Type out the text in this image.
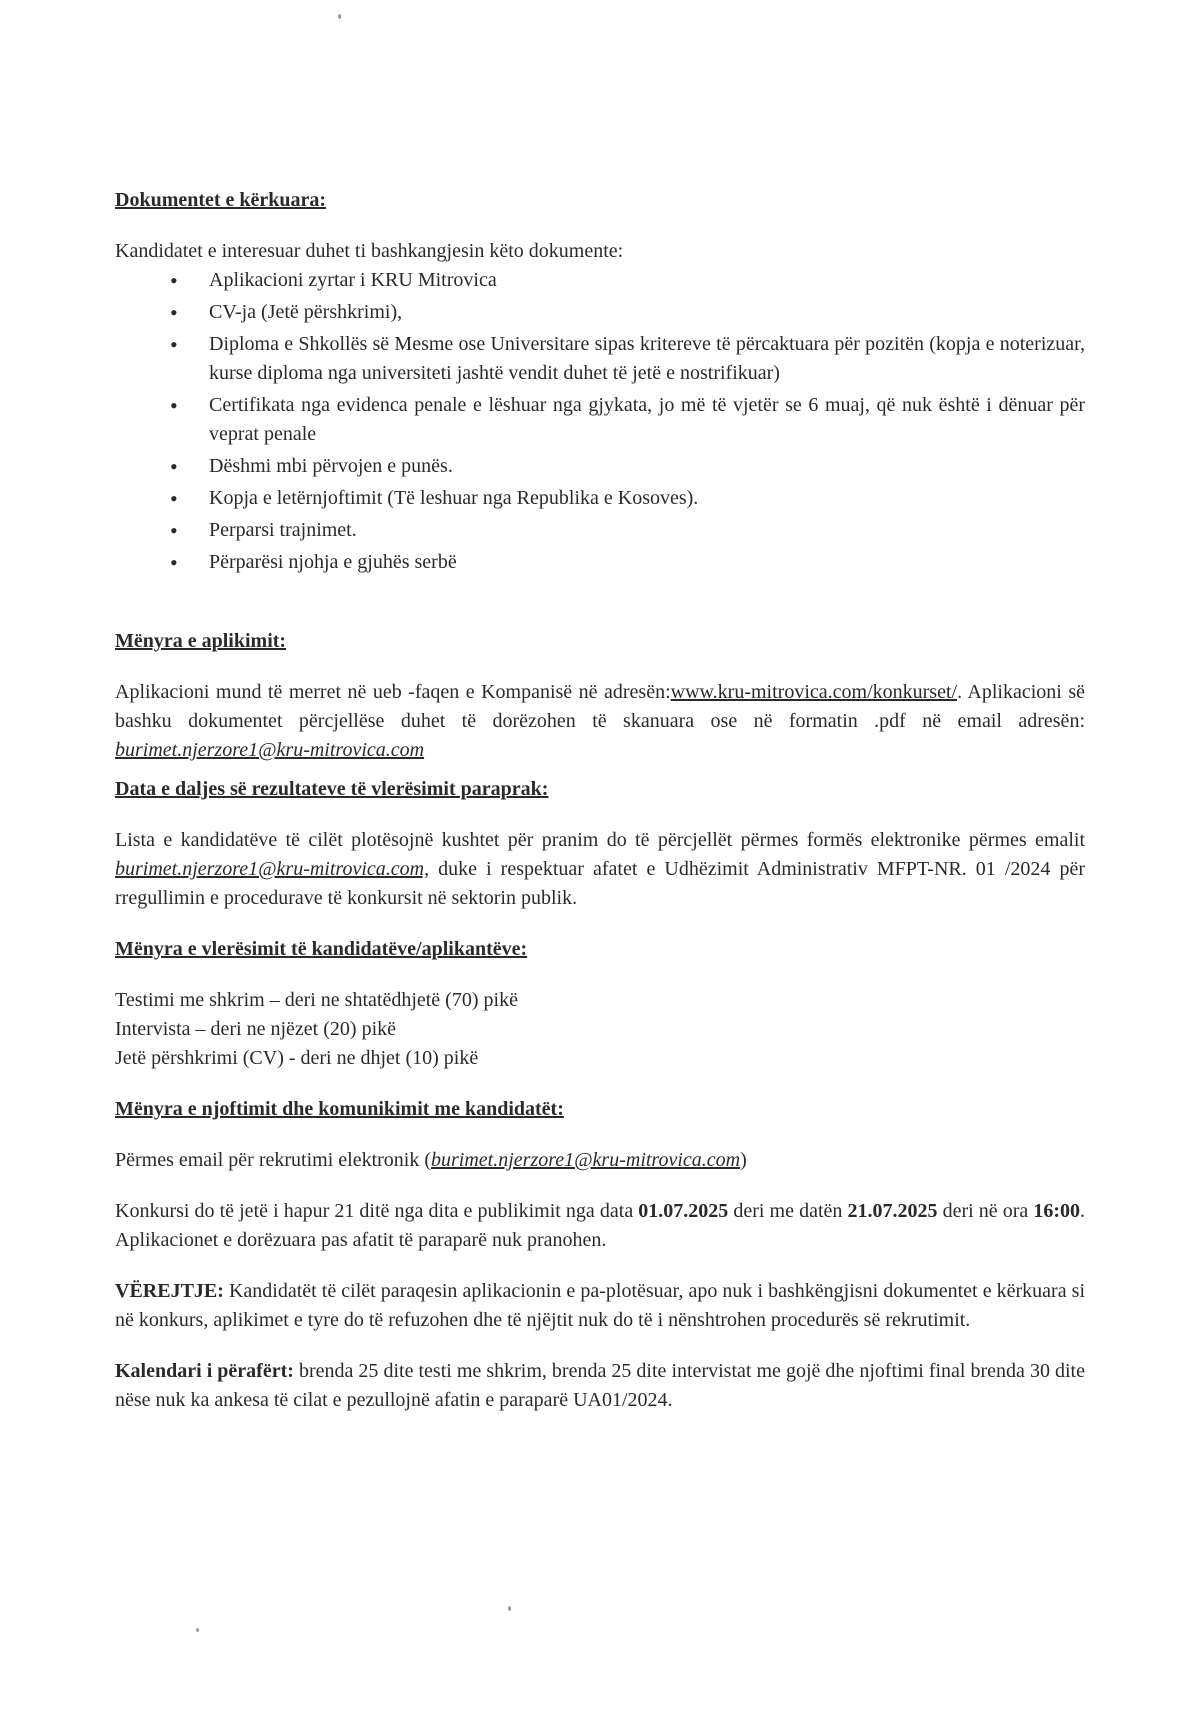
Dokumentet e kërkuara:

Kandidatet e interesuar duhet ti bashkangjesin këto dokumente:

• Aplikacioni zyrtar i KRU Mitrovica
• CV-ja (Jetë përshkrimi),
• Diploma e Shkollës së Mesme ose Universitare sipas kritereve të përcaktuara për pozitën (kopja e noterizuar, kurse diploma nga universiteti jashtë vendit duhet të jetë e nostrifikuar)
• Certifikata nga evidenca penale e lëshuar nga gjykata, jo më të vjetër se 6 muaj, që nuk është i dënuar për veprat penale
• Dëshmi mbi përvojen e punës.
• Kopja e letërnjoftimit (Të leshuar nga Republika e Kosoves).
• Perparsi trajnimet.
• Përparësi njohja e gjuhës serbë
Mënyra e aplikimit:

Aplikacioni mund të merret në ueb -faqen e Kompanisë në adresën:www.kru-mitrovica.com/konkurset/. Aplikacioni së bashku dokumentet përcjellëse duhet të dorëzohen të skanuara ose në formatin .pdf në email adresën: burimet.njerzore1@kru-mitrovica.com

Data e daljes së rezultateve të vlerësimit paraprak:

Lista e kandidatëve të cilët plotësojnë kushtet për pranim do të përcjellët përmes formës elektronike përmes emalit burimet.njerzore1@kru-mitrovica.com, duke i respektuar afatet e Udhëzimit Administrativ MFPT-NR. 01 /2024 për rregullimin e procedurave të konkursit në sektorin publik.

Mënyra e vlerësimit të kandidatëve/aplikantëve:
Testimi me shkrim – deri ne shtatëdhjetë (70) pikë
Intervista – deri ne njëzet (20) pikë
Jetë përshkrimi (CV) - deri ne dhjet (10) pikë
Mënyra e njoftimit dhe komunikimit me kandidatët:

Përmes email për rekrutimi elektronik (burimet.njerzore1@kru-mitrovica.com)

Konkursi do të jetë i hapur 21 ditë nga dita e publikimit nga data 01.07.2025 deri me datën 21.07.2025 deri në ora 16:00. Aplikacionet e dorëzuara pas afatit të paraparë nuk pranohen.

VËREJTJE: Kandidatët të cilët paraqesin aplikacionin e pa-plotësuar, apo nuk i bashkëngjisni dokumentet e kërkuara si në konkurs, aplikimet e tyre do të refuzohen dhe të njëjtit nuk do të i nënshtrohen procedurës së rekrutimit.

Kalendari i përafërt: brenda 25 dite testi me shkrim, brenda 25 dite intervistat me gojë dhe njoftimi final brenda 30 dite nëse nuk ka ankesa të cilat e pezullojnë afatin e paraparë UA01/2024.
